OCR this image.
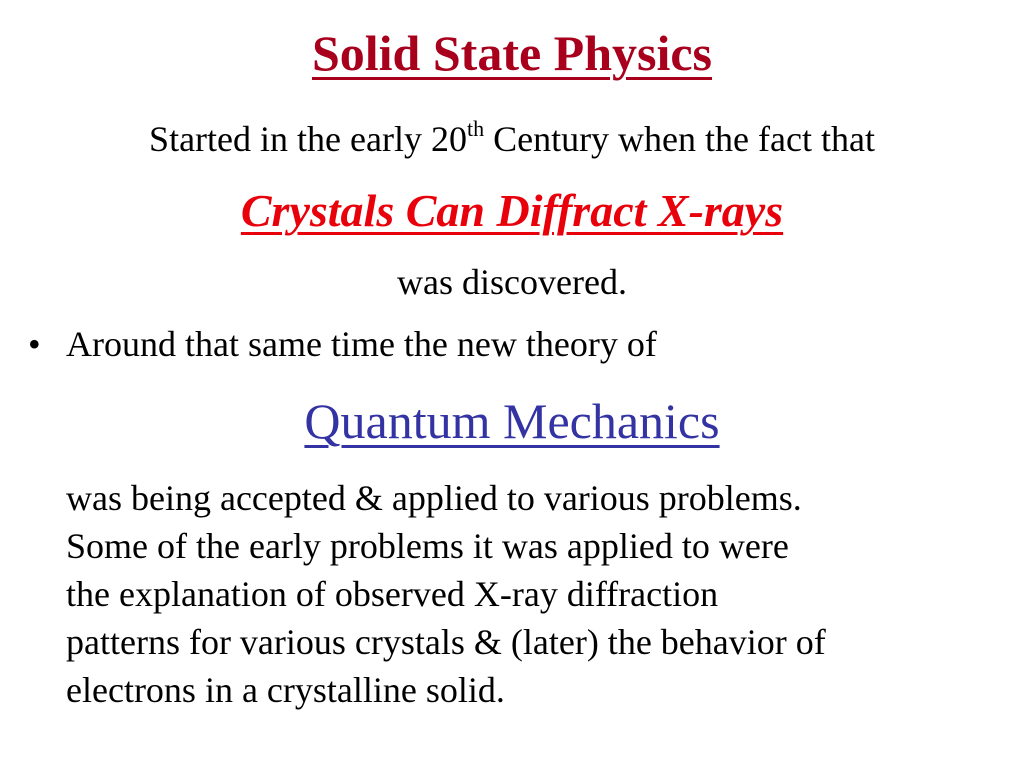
Solid State Physics
Started in the early 20th Century when the fact that
Crystals Can Diffract X-rays
was discovered.
• Around that same time the new theory of
Quantum Mechanics
was being accepted & applied to various problems.
Some of the early problems it was applied to were
the explanation of observed X-ray diffraction
patterns for various crystals & (later) the behavior of
electrons in a crystalline solid.
